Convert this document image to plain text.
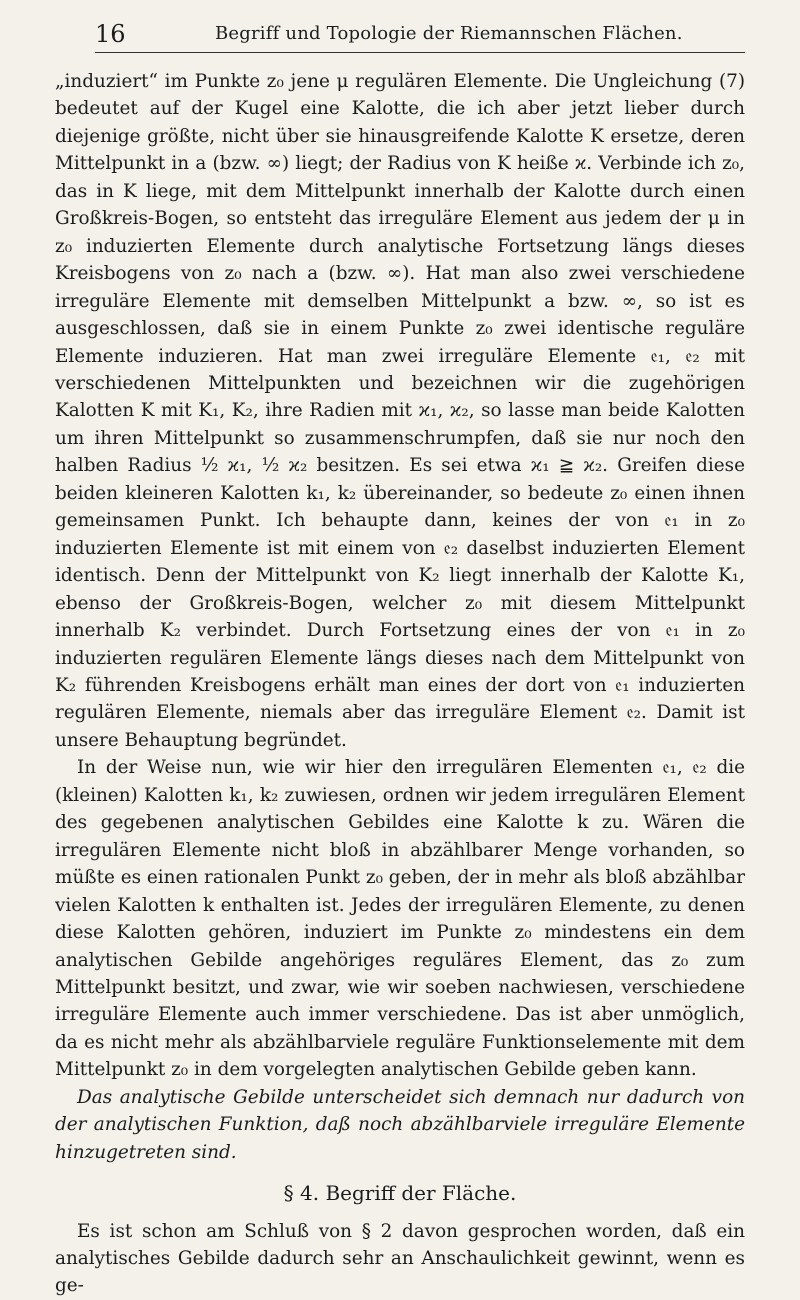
16	Begriff und Topologie der Riemannschen Flächen.

„induziert“ im Punkte z₀ jene μ regulären Elemente. Die Ungleichung (7) bedeutet auf der Kugel eine Kalotte, die ich aber jetzt lieber durch diejenige größte, nicht über sie hinausgreifende Kalotte K ersetze, deren Mittelpunkt in a (bzw. ∞) liegt; der Radius von K heiße ϰ. Verbinde ich z₀, das in K liege, mit dem Mittelpunkt innerhalb der Kalotte durch einen Großkreis-Bogen, so entsteht das irreguläre Element aus jedem der μ in z₀ induzierten Elemente durch analytische Fortsetzung längs dieses Kreisbogens von z₀ nach a (bzw. ∞). Hat man also zwei verschiedene irreguläre Elemente mit demselben Mittelpunkt a bzw. ∞, so ist es ausgeschlossen, daß sie in einem Punkte z₀ zwei identische reguläre Elemente induzieren. Hat man zwei irreguläre Elemente 𝔢₁, 𝔢₂ mit verschiedenen Mittelpunkten und bezeichnen wir die zugehörigen Kalotten K mit K₁, K₂, ihre Radien mit ϰ₁, ϰ₂, so lasse man beide Kalotten um ihren Mittelpunkt so zusammenschrumpfen, daß sie nur noch den halben Radius ½ ϰ₁, ½ ϰ₂ besitzen. Es sei etwa ϰ₁ ≧ ϰ₂. Greifen diese beiden kleineren Kalotten k₁, k₂ übereinander, so bedeute z₀ einen ihnen gemeinsamen Punkt. Ich behaupte dann, keines der von 𝔢₁ in z₀ induzierten Elemente ist mit einem von 𝔢₂ daselbst induzierten Element identisch. Denn der Mittelpunkt von K₂ liegt innerhalb der Kalotte K₁, ebenso der Großkreis-Bogen, welcher z₀ mit diesem Mittelpunkt innerhalb K₂ verbindet. Durch Fortsetzung eines der von 𝔢₁ in z₀ induzierten regulären Elemente längs dieses nach dem Mittelpunkt von K₂ führenden Kreisbogens erhält man eines der dort von 𝔢₁ induzierten regulären Elemente, niemals aber das irreguläre Element 𝔢₂. Damit ist unsere Behauptung begründet.

In der Weise nun, wie wir hier den irregulären Elementen 𝔢₁, 𝔢₂ die (kleinen) Kalotten k₁, k₂ zuwiesen, ordnen wir jedem irregulären Element des gegebenen analytischen Gebildes eine Kalotte k zu. Wären die irregulären Elemente nicht bloß in abzählbarer Menge vorhanden, so müßte es einen rationalen Punkt z₀ geben, der in mehr als bloß abzählbar vielen Kalotten k enthalten ist. Jedes der irregulären Elemente, zu denen diese Kalotten gehören, induziert im Punkte z₀ mindestens ein dem analytischen Gebilde angehöriges reguläres Element, das z₀ zum Mittelpunkt besitzt, und zwar, wie wir soeben nachwiesen, verschiedene irreguläre Elemente auch immer verschiedene. Das ist aber unmöglich, da es nicht mehr als abzählbarviele reguläre Funktionselemente mit dem Mittelpunkt z₀ in dem vorgelegten analytischen Gebilde geben kann.

Das analytische Gebilde unterscheidet sich demnach nur dadurch von der analytischen Funktion, daß noch abzählbarviele irreguläre Elemente hinzugetreten sind.

§ 4. Begriff der Fläche.

Es ist schon am Schluß von § 2 davon gesprochen worden, daß ein analytisches Gebilde dadurch sehr an Anschaulichkeit gewinnt, wenn es ge-
